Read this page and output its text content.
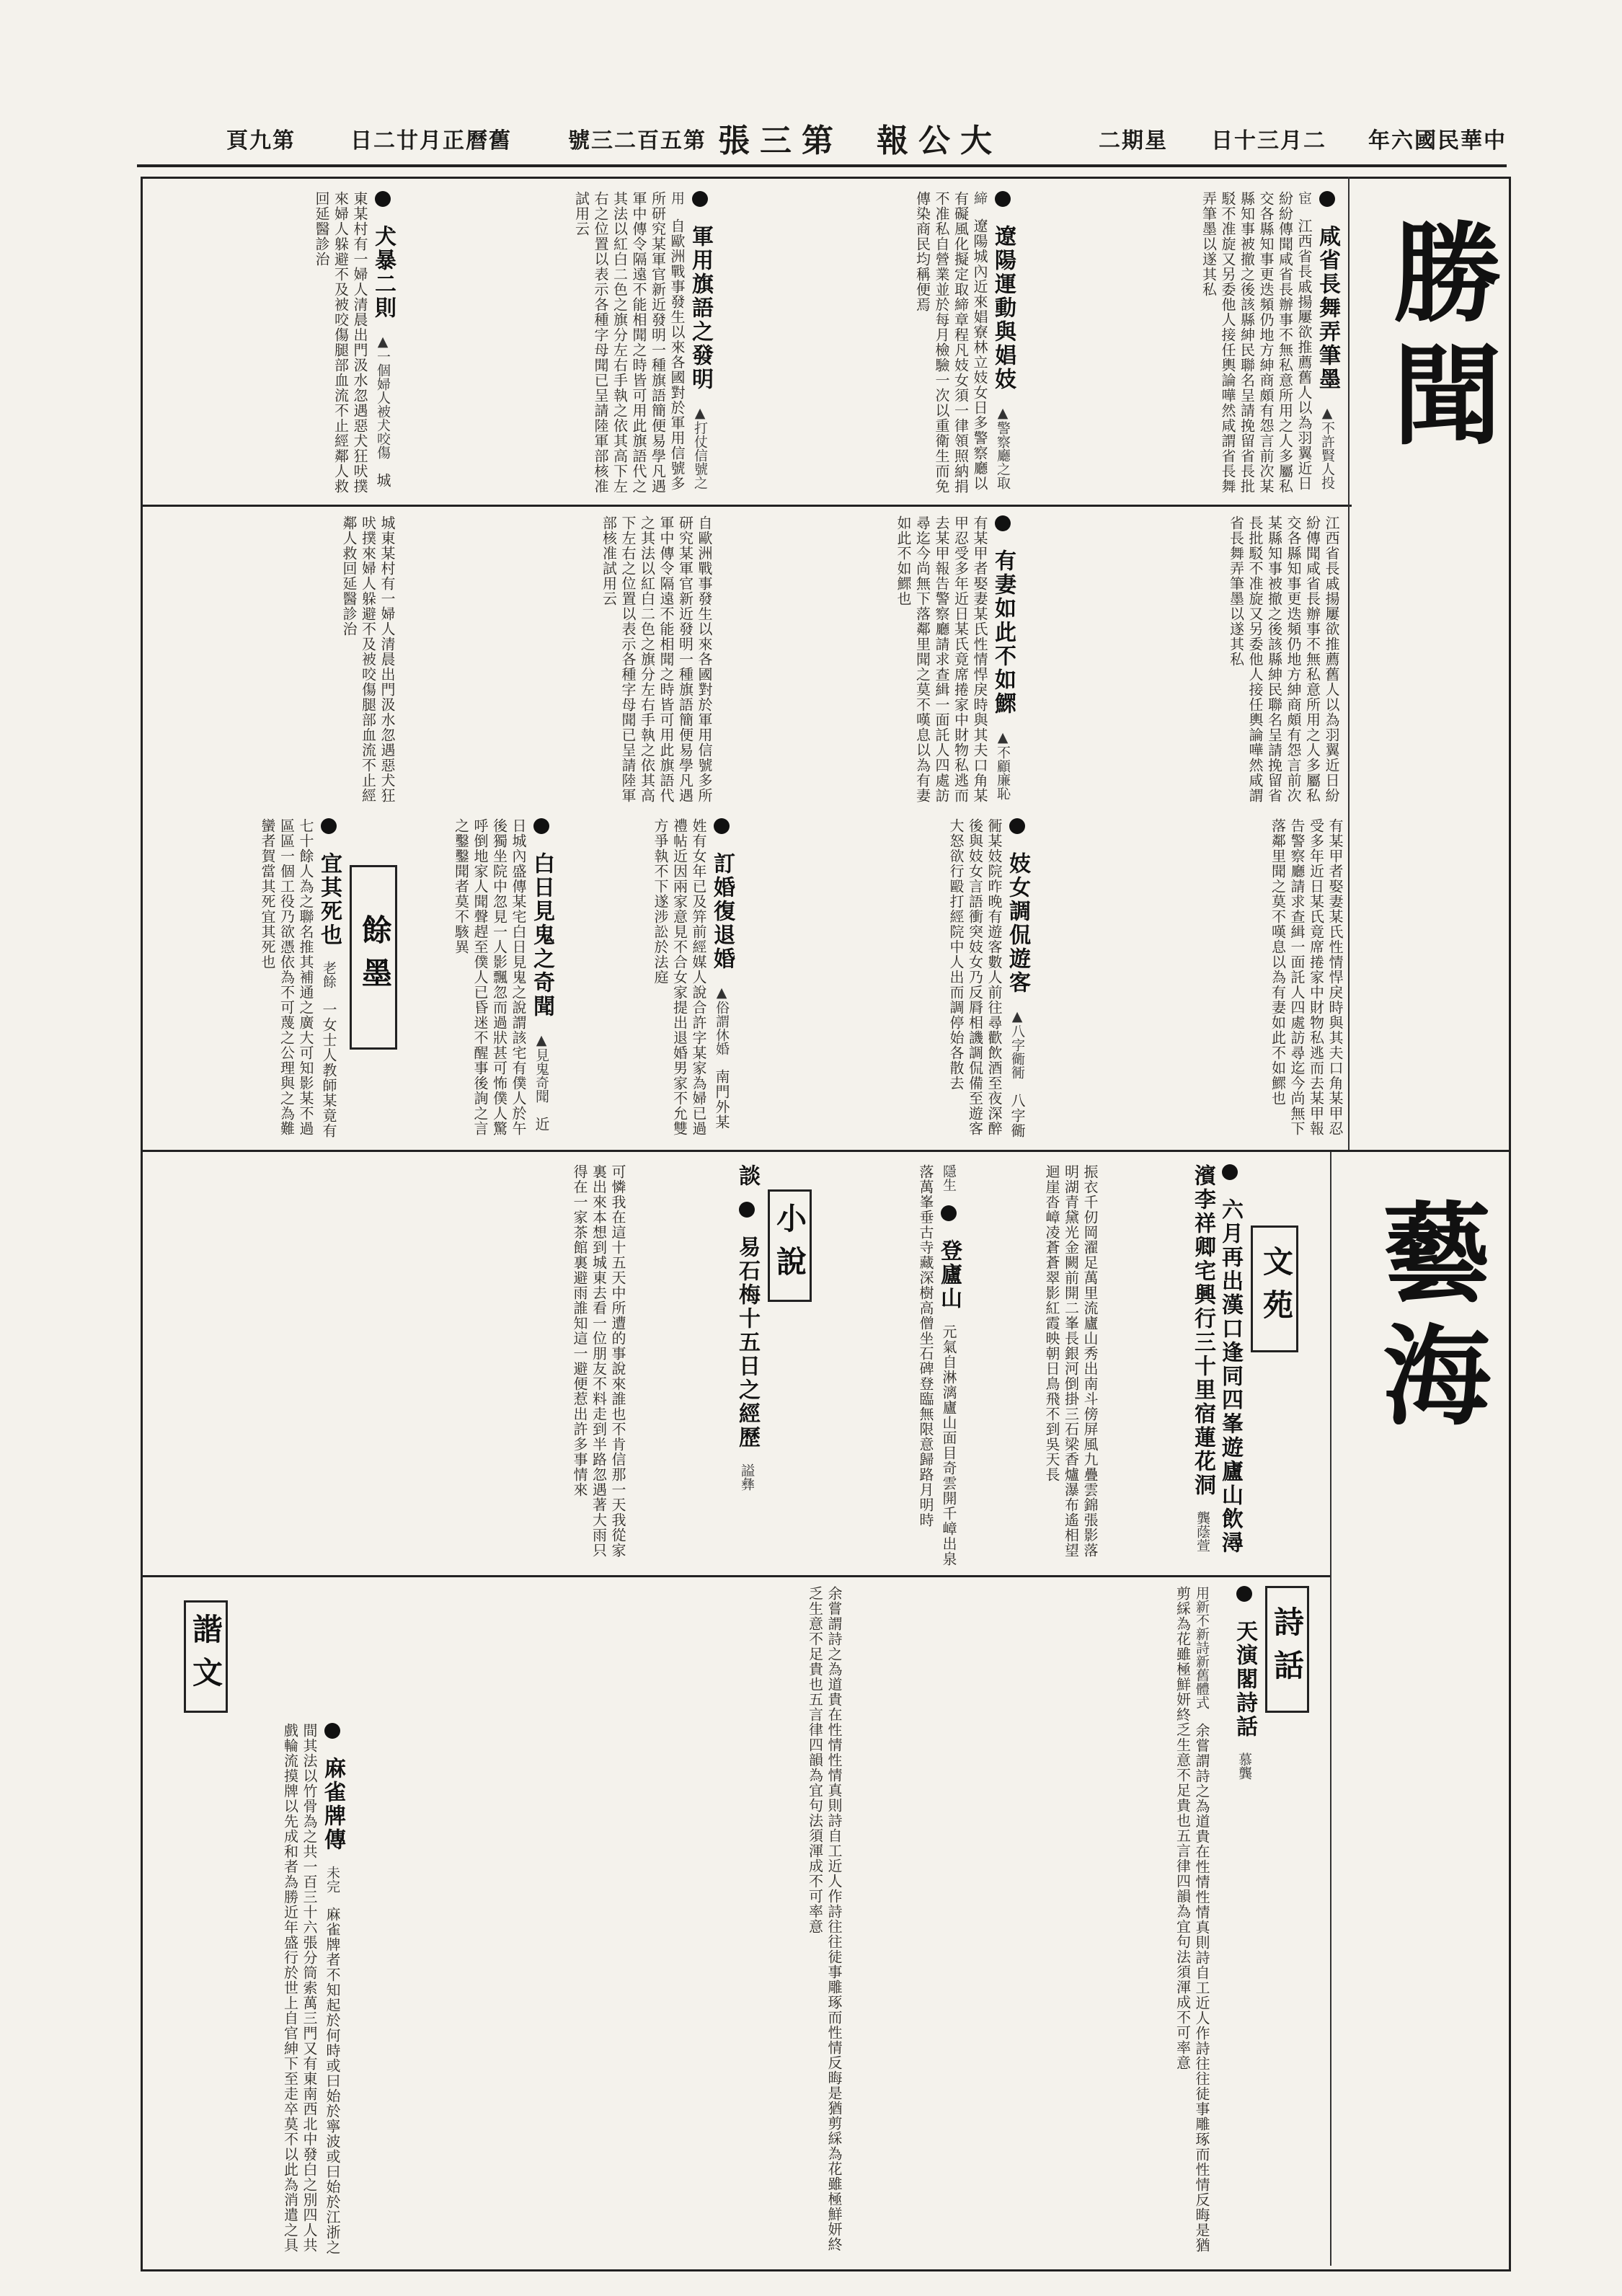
中華民國六年
二月三十日
星期二
大公報
第三張
第五百二三號
舊曆正月廿二日
第九頁
勝聞
藝海
咸省長舞弄筆墨 ▲不許賢人投宦 江西省長戚揚屢欲推薦舊人以為羽翼近日紛紛傳聞咸省長辦事不無私意所用之人多屬私交各縣知事更迭頻仍地方紳商頗有怨言前次某縣知事被撤之後該縣紳民聯名呈請挽留省長批駁不准旋又另委他人接任輿論嘩然咸謂省長舞弄筆墨以遂其私
遼陽運動與娼妓 ▲警察廳之取締 遼陽城內近來娼寮林立妓女日多警察廳以有礙風化擬定取締章程凡妓女須一律領照納捐不准私自營業並於每月檢驗一次以重衛生而免傳染商民均稱便焉
軍用旗語之發明 ▲打仗信號之用 自歐洲戰事發生以來各國對於軍用信號多所研究某軍官新近發明一種旗語簡便易學凡遇軍中傳令隔遠不能相聞之時皆可用此旗語代之其法以紅白二色之旗分左右手執之依其高下左右之位置以表示各種字母聞已呈請陸軍部核准試用云
犬暴二則 ▲一個婦人被犬咬傷 城東某村有一婦人清晨出門汲水忽遇惡犬狂吠撲來婦人躲避不及被咬傷腿部血流不止經鄰人救回延醫診治
江西省長戚揚屢欲推薦舊人以為羽翼近日紛紛傳聞咸省長辦事不無私意所用之人多屬私交各縣知事更迭頻仍地方紳商頗有怨言前次某縣知事被撤之後該縣紳民聯名呈請挽留省長批駁不准旋又另委他人接任輿論嘩然咸謂省長舞弄筆墨以遂其私
有妻如此不如鰥 ▲不顧廉恥 有某甲者娶妻某氏性情悍戾時與其夫口角某甲忍受多年近日某氏竟席捲家中財物私逃而去某甲報告警察廳請求查緝一面託人四處訪尋迄今尚無下落鄰里聞之莫不嘆息以為有妻如此不如鰥也
自歐洲戰事發生以來各國對於軍用信號多所研究某軍官新近發明一種旗語簡便易學凡遇軍中傳令隔遠不能相聞之時皆可用此旗語代之其法以紅白二色之旗分左右手執之依其高下左右之位置以表示各種字母聞已呈請陸軍部核准試用云
城東某村有一婦人清晨出門汲水忽遇惡犬狂吠撲來婦人躲避不及被咬傷腿部血流不止經鄰人救回延醫診治
有某甲者娶妻某氏性情悍戾時與其夫口角某甲忍受多年近日某氏竟席捲家中財物私逃而去某甲報告警察廳請求查緝一面託人四處訪尋迄今尚無下落鄰里聞之莫不嘆息以為有妻如此不如鰥也
妓女調侃遊客 ▲八字衚衕 八字衚衕某妓院昨晚有遊客數人前往尋歡飲酒至夜深醉後與妓女言語衝突妓女乃反脣相譏調侃備至遊客大怒欲行毆打經院中人出而調停始各散去
訂婚復退婚 ▲俗謂休婚 南門外某姓有女年已及笄前經媒人說合許字某家為婦已過禮帖近因兩家意見不合女家提出退婚男家不允雙方爭執不下遂涉訟於法庭
白日見鬼之奇聞 ▲見鬼奇聞 近日城內盛傳某宅白日見鬼之說謂該宅有僕人於午後獨坐院中忽見一人影飄忽而過狀甚可怖僕人驚呼倒地家人聞聲趕至僕人已昏迷不醒事後詢之言之鑿鑿聞者莫不駭異
餘墨
宜其死也 老餘 一女士人教師某竟有七十餘人為之聯名推其補通之廣大可知影某不過區區一個工役乃欲憑依為不可蔑之公理與之為難蠻者賀當其死宜其死也
文苑
六月再出漢口逢同四峯遊廬山飲潯濱李祥卿宅興行三十里宿蓮花洞 龔蔭萱
振衣千仞岡濯足萬里流廬山秀出南斗傍屏風九疊雲錦張影落明湖青黛光金闕前開二峯長銀河倒掛三石梁香爐瀑布遙相望迴崖沓嶂凌蒼蒼翠影紅霞映朝日鳥飛不到吳天長
隱生  登廬山 元氣自淋漓廬山面目奇雲開千嶂出泉落萬峯垂古寺藏深樹高僧坐石碑登臨無限意歸路月明時
小說
談  易石梅十五日之經歷 謚彝
可憐我在這十五天中所遭的事說來誰也不肯信那一天我從家裏出來本想到城東去看一位朋友不料走到半路忽遇著大雨只得在一家茶館裏避雨誰知這一避便惹出許多事情來
詩話
天演閣詩話 慕龔
用新不新詩新舊體式 余嘗謂詩之為道貴在性情性情真則詩自工近人作詩往往徒事雕琢而性情反晦是猶剪綵為花雖極鮮妍終乏生意不足貴也五言律四韻為宜句法須渾成不可率意
余嘗謂詩之為道貴在性情性情真則詩自工近人作詩往往徒事雕琢而性情反晦是猶剪綵為花雖極鮮妍終乏生意不足貴也五言律四韻為宜句法須渾成不可率意
諧文
麻雀牌傳 未完 麻雀牌者不知起於何時或曰始於寧波或曰始於江浙之間其法以竹骨為之共一百三十六張分筒索萬三門又有東南西北中發白之別四人共戲輪流摸牌以先成和者為勝近年盛行於世上自官紳下至走卒莫不以此為消遣之具
